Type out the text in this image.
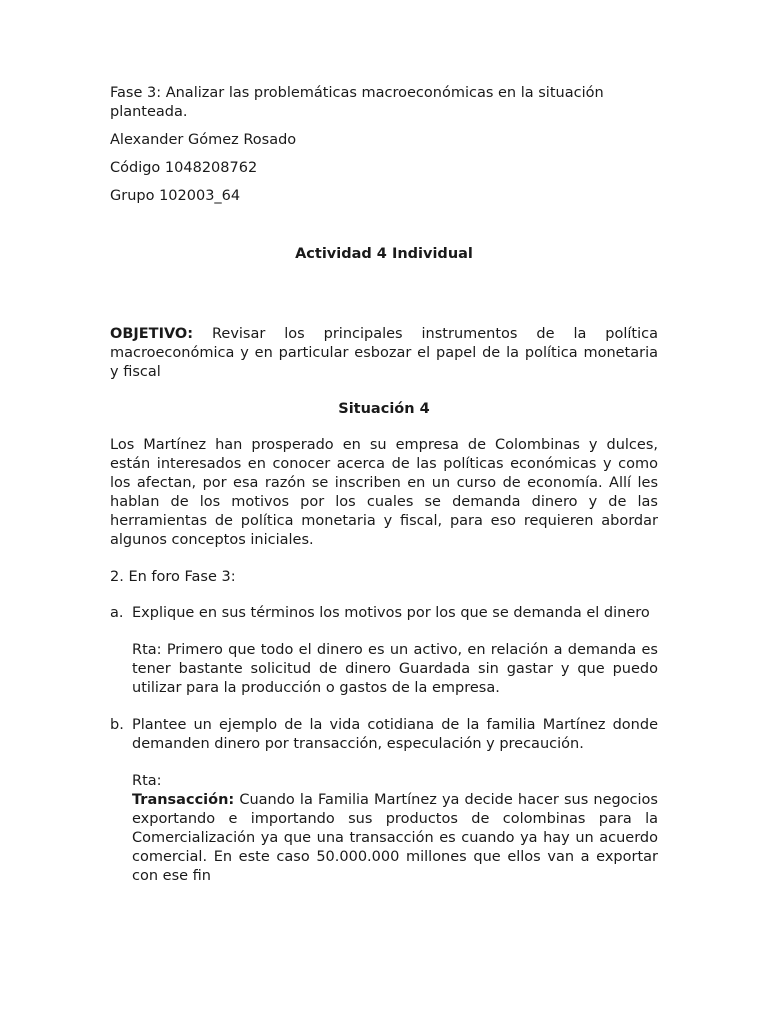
Fase 3: Analizar las problemáticas macroeconómicas en la situación planteada.
Alexander Gómez Rosado
Código 1048208762
Grupo 102003_64
Actividad 4 Individual
OBJETIVO: Revisar los principales instrumentos de la política macroeconómica y en particular esbozar el papel de la política monetaria y fiscal
Situación 4
Los Martínez han prosperado en su empresa de Colombinas y dulces, están interesados en conocer acerca de las políticas económicas y como los afectan, por esa razón se inscriben en un curso de economía. Allí les hablan de los motivos por los cuales se demanda dinero y de las herramientas de política monetaria y fiscal, para eso requieren abordar algunos conceptos iniciales.
2. En foro Fase 3:
a. Explique en sus términos los motivos por los que se demanda el dinero
Rta: Primero que todo el dinero es un activo, en relación a demanda es tener bastante solicitud de dinero Guardada sin gastar y que puedo utilizar para la producción o gastos de la empresa.
b. Plantee un ejemplo de la vida cotidiana de la familia Martínez donde demanden dinero por transacción, especulación y precaución.
Rta:
Transacción: Cuando la Familia Martínez ya decide hacer sus negocios exportando e importando sus productos de colombinas para la Comercialización ya que una transacción es cuando ya hay un acuerdo comercial. En este caso 50.000.000 millones que ellos van a exportar con ese fin
